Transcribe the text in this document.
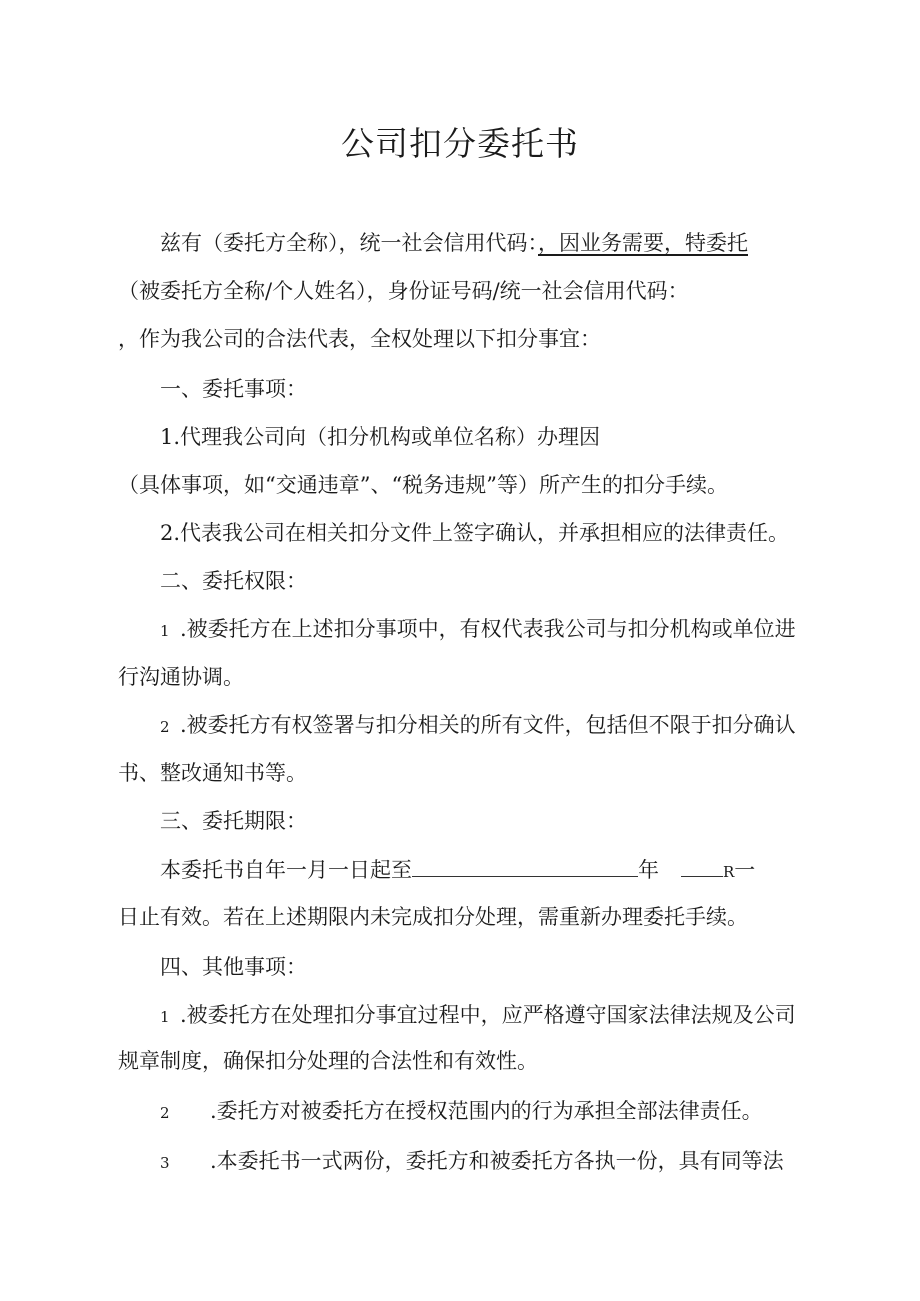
公司扣分委托书

兹有（委托方全称），统一社会信用代码：，因业务需要，特委托

（被委托方全称/个人姓名），身份证号码/统一社会信用代码：

，作为我公司的合法代表，全权处理以下扣分事宜：

一、委托事项：

1.代理我公司向（扣分机构或单位名称）办理因

（具体事项，如“交通违章”、“税务违规”等）所产生的扣分手续。

2.代表我公司在相关扣分文件上签字确认，并承担相应的法律责任。

二、委托权限：

1 .被委托方在上述扣分事项中，有权代表我公司与扣分机构或单位进

行沟通协调。

2 .被委托方有权签署与扣分相关的所有文件，包括但不限于扣分确认

书、整改通知书等。

三、委托期限：

本委托书自年一月一日起至	年	R一

日止有效。若在上述期限内未完成扣分处理，需重新办理委托手续。

四、其他事项：

1 .被委托方在处理扣分事宜过程中，应严格遵守国家法律法规及公司

规章制度，确保扣分处理的合法性和有效性。

2 .委托方对被委托方在授权范围内的行为承担全部法律责任。

3 .本委托书一式两份，委托方和被委托方各执一份，具有同等法
